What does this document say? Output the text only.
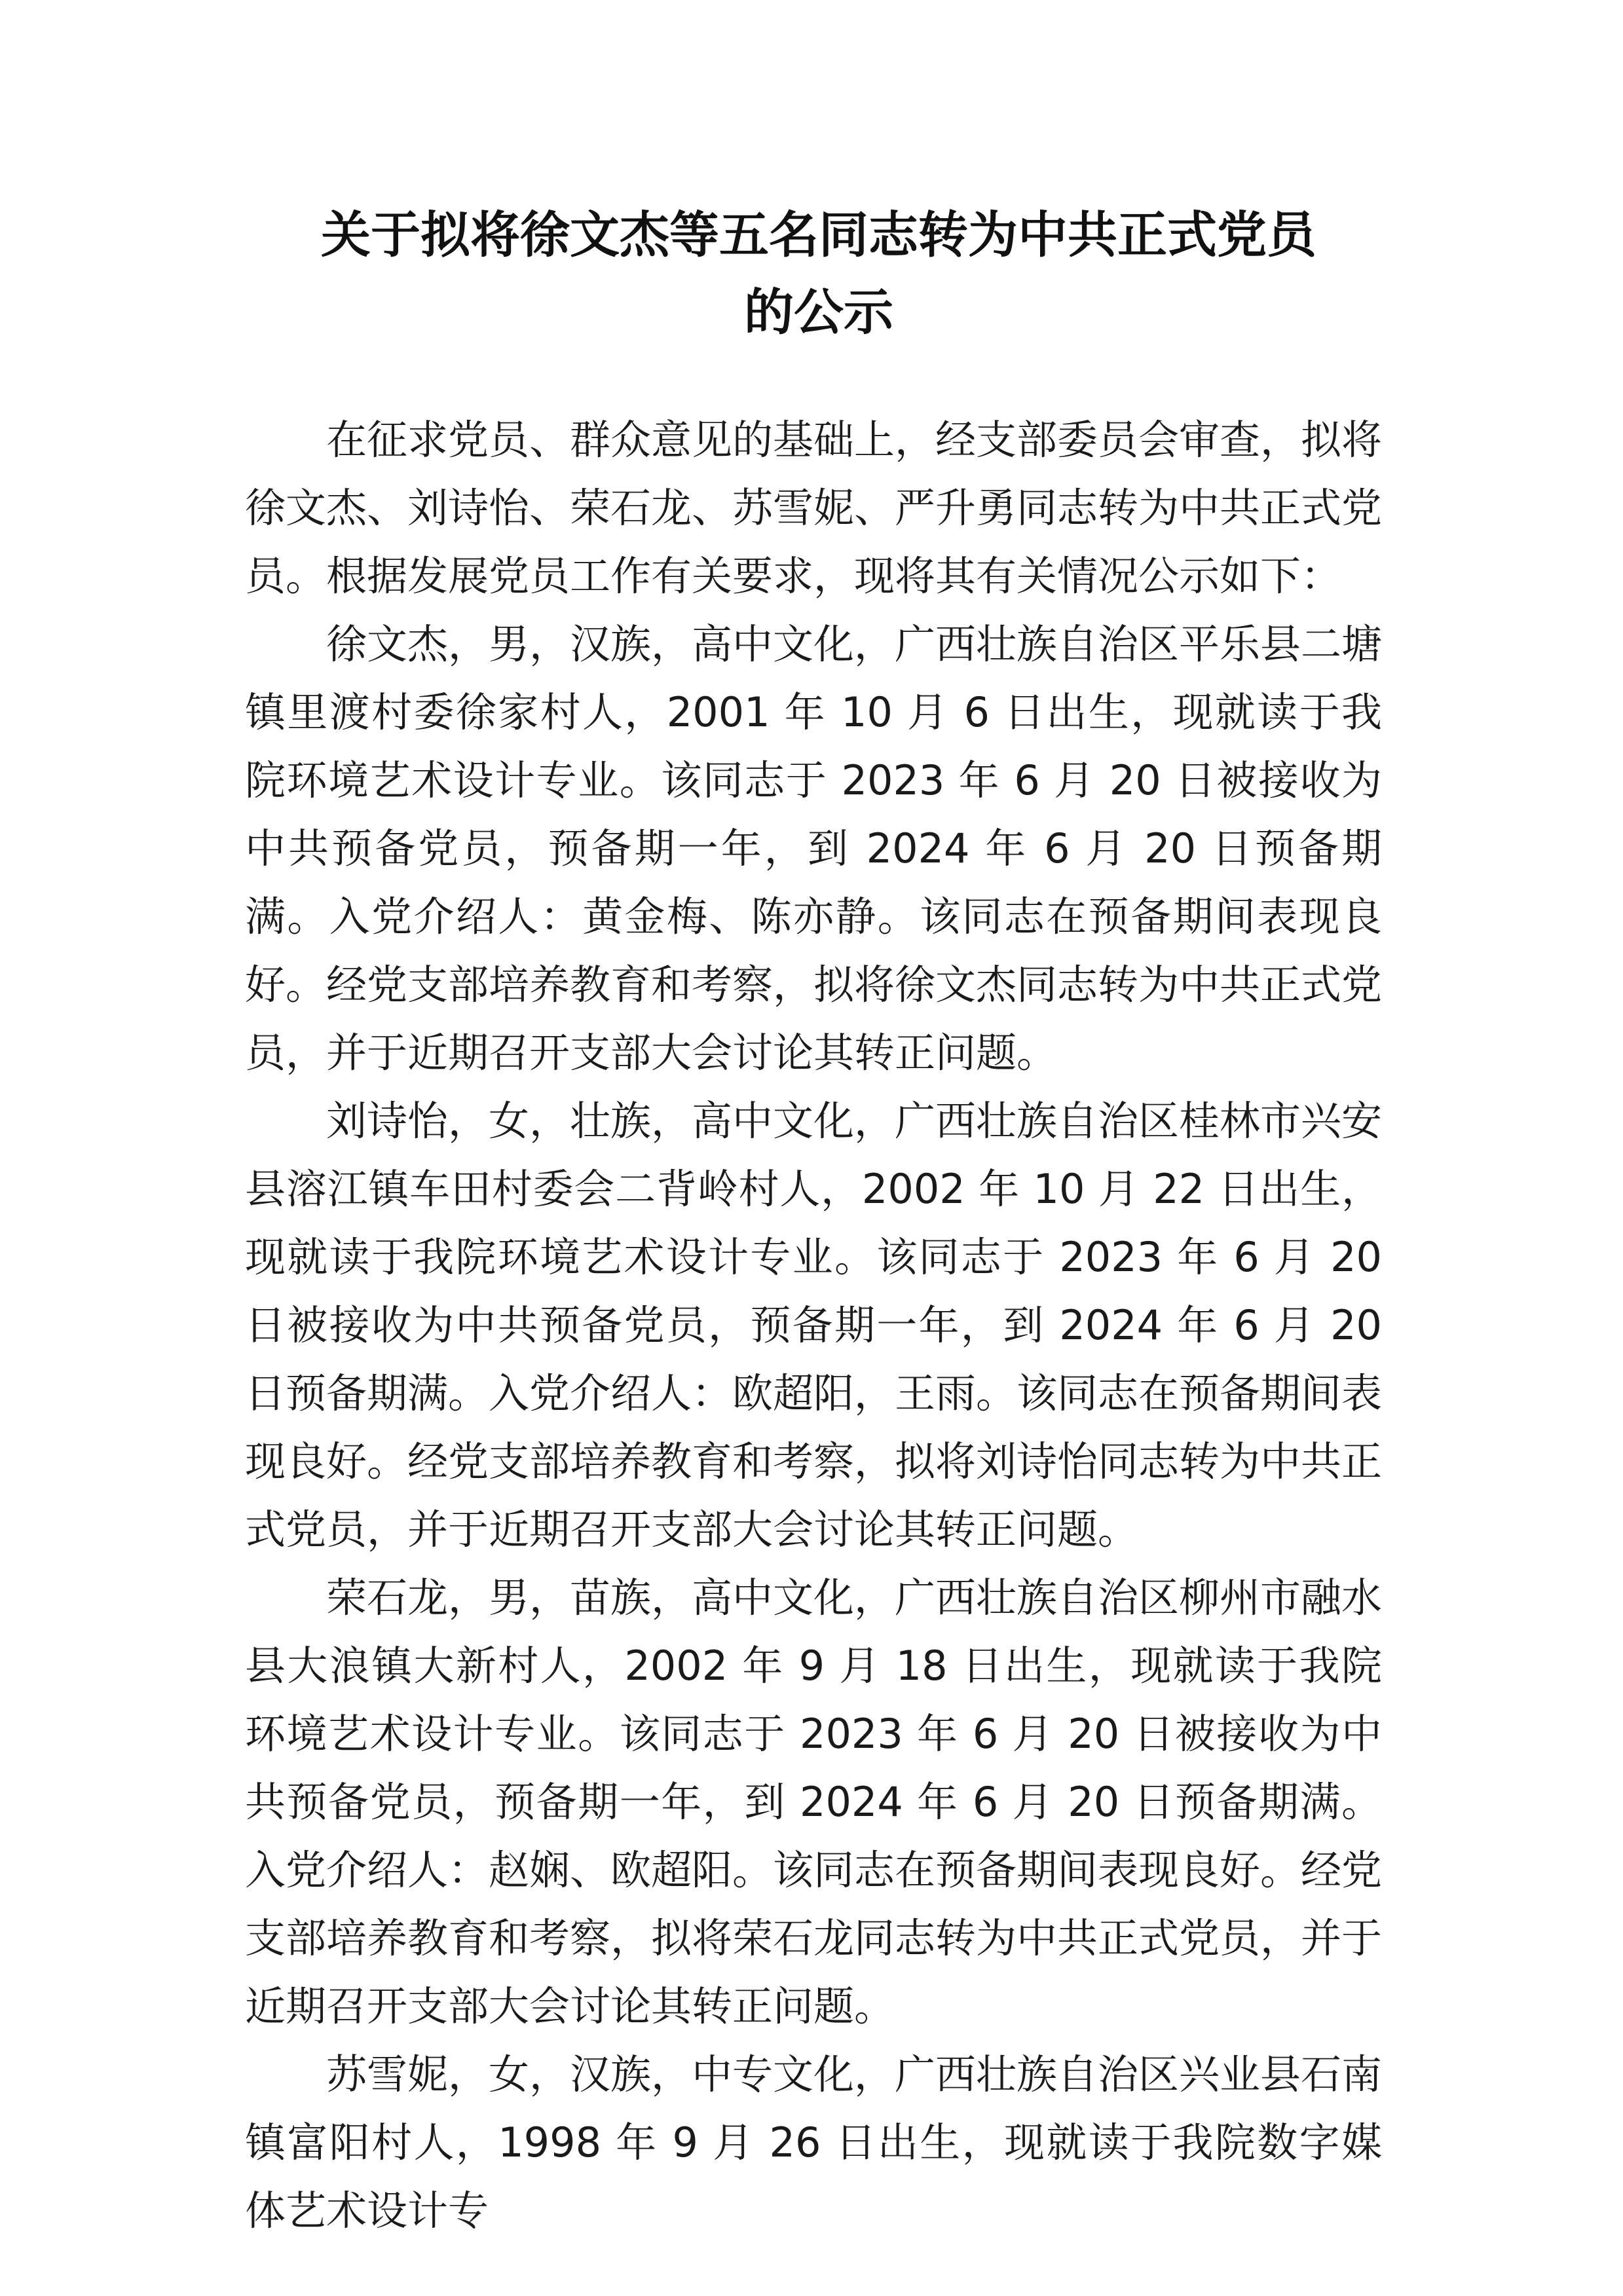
关于拟将徐文杰等五名同志转为中共正式党员
的公示

在征求党员、群众意见的基础上，经支部委员会审查，拟将徐文杰、刘诗怡、荣石龙、苏雪妮、严升勇同志转为中共正式党员。根据发展党员工作有关要求，现将其有关情况公示如下：

徐文杰，男，汉族，高中文化，广西壮族自治区平乐县二塘镇里渡村委徐家村人，2001 年 10 月 6 日出生，现就读于我院环境艺术设计专业。该同志于 2023 年 6 月 20 日被接收为中共预备党员，预备期一年，到 2024 年 6 月 20 日预备期满。入党介绍人：黄金梅、陈亦静。该同志在预备期间表现良好。经党支部培养教育和考察，拟将徐文杰同志转为中共正式党员，并于近期召开支部大会讨论其转正问题。

刘诗怡，女，壮族，高中文化，广西壮族自治区桂林市兴安县溶江镇车田村委会二背岭村人，2002 年 10 月 22 日出生，现就读于我院环境艺术设计专业。该同志于 2023 年 6 月 20 日被接收为中共预备党员，预备期一年，到 2024 年 6 月 20 日预备期满。入党介绍人：欧超阳，王雨。该同志在预备期间表现良好。经党支部培养教育和考察，拟将刘诗怡同志转为中共正式党员，并于近期召开支部大会讨论其转正问题。

荣石龙，男，苗族，高中文化，广西壮族自治区柳州市融水县大浪镇大新村人，2002 年 9 月 18 日出生，现就读于我院环境艺术设计专业。该同志于 2023 年 6 月 20 日被接收为中共预备党员，预备期一年，到 2024 年 6 月 20 日预备期满。入党介绍人：赵娴、欧超阳。该同志在预备期间表现良好。经党支部培养教育和考察，拟将荣石龙同志转为中共正式党员，并于近期召开支部大会讨论其转正问题。

苏雪妮，女，汉族，中专文化，广西壮族自治区兴业县石南镇富阳村人，1998 年 9 月 26 日出生，现就读于我院数字媒体艺术设计专
